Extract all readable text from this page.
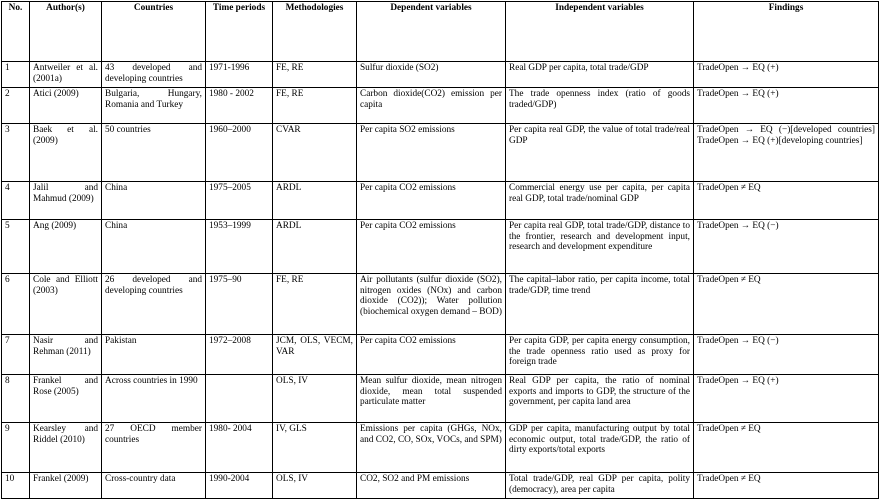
No.	Author(s)	Countries	Time periods	Methodologies	Dependent variables	Independent variables	Findings
1	Antweiler et al. (2001a)	43 developed and developing countries	1971-1996	FE, RE	Sulfur dioxide (SO2)	Real GDP per capita, total trade/GDP	TradeOpen → EQ (+)
2	Atici (2009)	Bulgaria, Hungary, Romania and Turkey	1980 - 2002	FE, RE	Carbon dioxide(CO2) emission per capita	The trade openness index (ratio of goods traded/GDP)	TradeOpen → EQ (+)
3	Baek et al. (2009)	50 countries	1960–2000	CVAR	Per capita SO2 emissions	Per capita real GDP, the value of total trade/real GDP	TradeOpen → EQ (−)[developed countries] TradeOpen → EQ (+)[developing countries]
4	Jalil and Mahmud (2009)	China	1975–2005	ARDL	Per capita CO2 emissions	Commercial energy use per capita, per capita real GDP, total trade/nominal GDP	TradeOpen ≠ EQ
5	Ang (2009)	China	1953–1999	ARDL	Per capita CO2 emissions	Per capita real GDP, total trade/GDP, distance to the frontier, research and development input, research and development expenditure	TradeOpen → EQ (−)
6	Cole and Elliott (2003)	26 developed and developing countries	1975–90	FE, RE	Air pollutants (sulfur dioxide (SO2), nitrogen oxides (NOx) and carbon dioxide (CO2)); Water pollution (biochemical oxygen demand – BOD)	The capital–labor ratio, per capita income, total trade/GDP, time trend	TradeOpen ≠ EQ
7	Nasir and Rehman (2011)	Pakistan	1972–2008	JCM, OLS, VECM, VAR	Per capita CO2 emissions	Per capita GDP, per capita energy consumption, the trade openness ratio used as proxy for foreign trade	TradeOpen → EQ (−)
8	Frankel and Rose (2005)	Across countries in 1990		OLS, IV	Mean sulfur dioxide, mean nitrogen dioxide, mean total suspended particulate matter	Real GDP per capita, the ratio of nominal exports and imports to GDP, the structure of the government, per capita land area	TradeOpen → EQ (+)
9	Kearsley and Riddel (2010)	27 OECD member countries	1980- 2004	IV, GLS	Emissions per capita (GHGs, NOx, and CO2, CO, SOx, VOCs, and SPM)	GDP per capita, manufacturing output by total economic output, total trade/GDP, the ratio of dirty exports/total exports	TradeOpen ≠ EQ
10	Frankel (2009)	Cross-country data	1990-2004	OLS, IV	CO2, SO2 and PM emissions	Total trade/GDP, real GDP per capita, polity (democracy), area per capita	TradeOpen ≠ EQ
